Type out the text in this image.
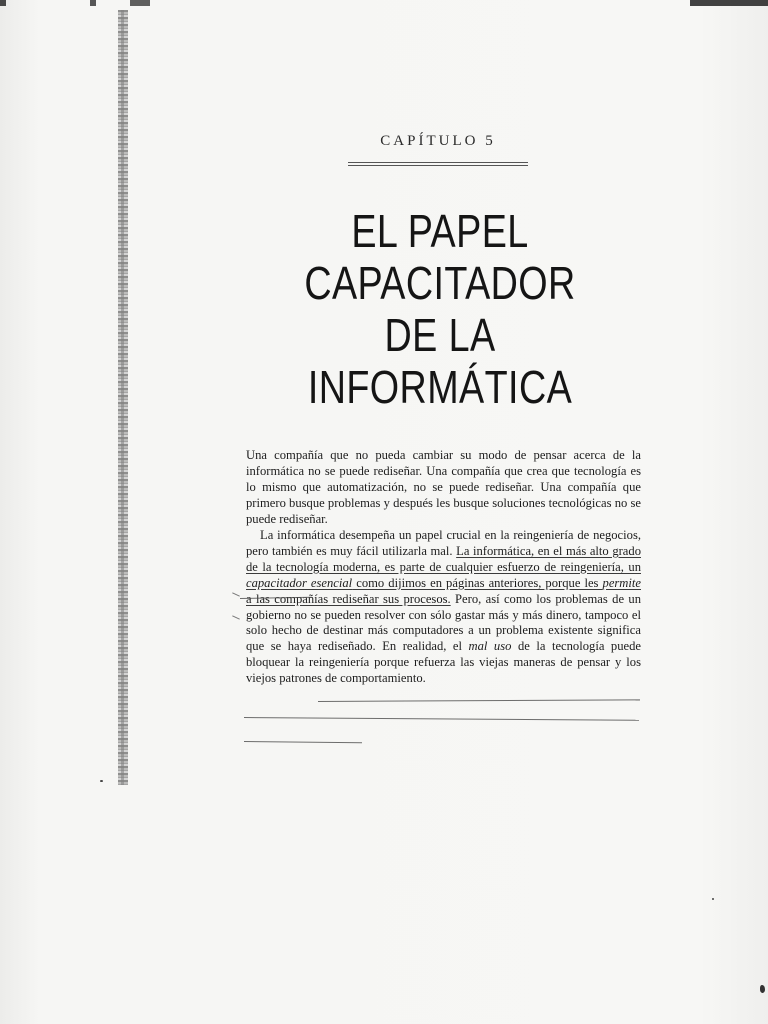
CAPÍTULO 5
EL PAPEL
CAPACITADOR DE LA
INFORMÁTICA

Una compañía que no pueda cambiar su modo de pensar acerca de la informática no se puede rediseñar. Una compañía que crea que tecnología es lo mismo que automatización, no se puede rediseñar. Una compañía que primero busque problemas y después les busque soluciones tecnológicas no se puede rediseñar.

La informática desempeña un papel crucial en la reingeniería de negocios, pero también es muy fácil utilizarla mal. La informática, en el más alto grado de la tecnología moderna, es parte de cualquier esfuerzo de reingeniería, un capacitador esencial como dijimos en páginas anteriores, porque les permite a las compañías rediseñar sus procesos. Pero, así como los problemas de un gobierno no se pueden resolver con sólo gastar más y más dinero, tampoco el solo hecho de destinar más computadores a un problema existente significa que se haya rediseñado. En realidad, el mal uso de la tecnología puede bloquear la reingeniería porque refuerza las viejas maneras de pensar y los viejos patrones de comportamiento.
